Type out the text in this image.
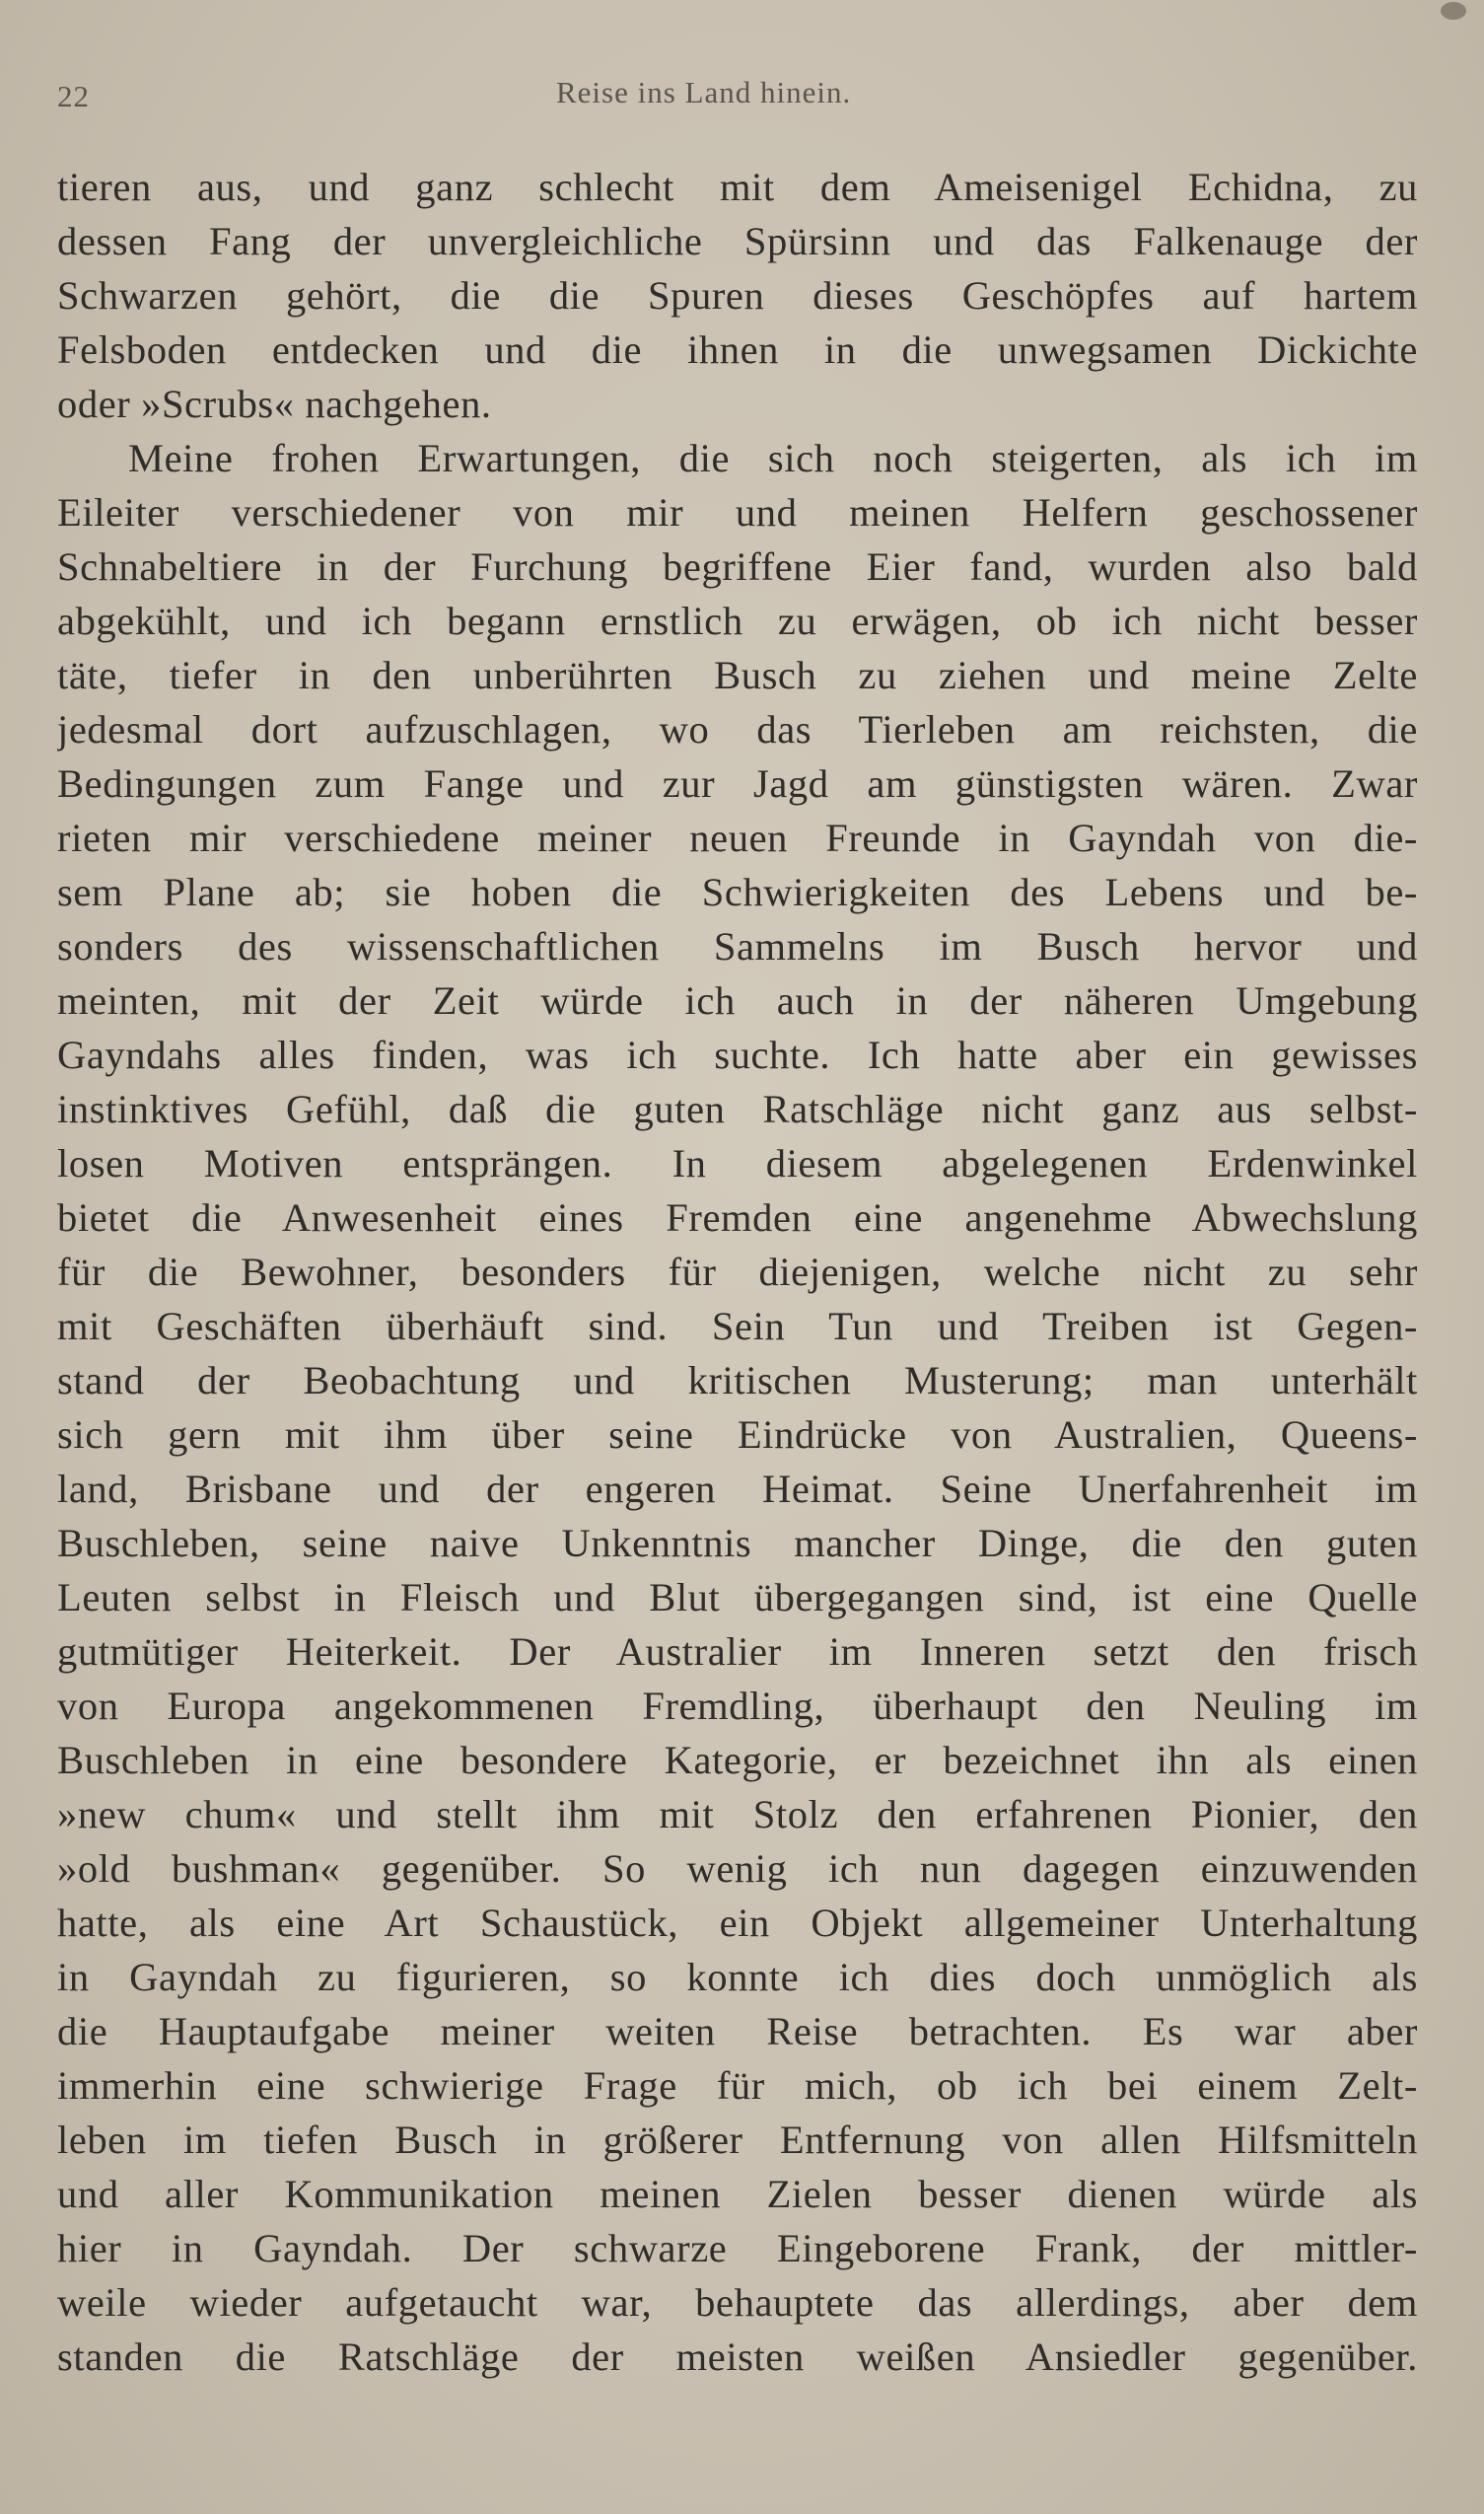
22	Reise ins Land hinein.
tieren aus, und ganz schlecht mit dem Ameisenigel Echidna, zu
dessen Fang der unvergleichliche Spürsinn und das Falkenauge der
Schwarzen gehört, die die Spuren dieses Geschöpfes auf hartem
Felsboden entdecken und die ihnen in die unwegsamen Dickichte
oder »Scrubs« nachgehen.
Meine frohen Erwartungen, die sich noch steigerten, als ich im
Eileiter verschiedener von mir und meinen Helfern geschossener
Schnabeltiere in der Furchung begriffene Eier fand, wurden also bald
abgekühlt, und ich begann ernstlich zu erwägen, ob ich nicht besser
täte, tiefer in den unberührten Busch zu ziehen und meine Zelte
jedesmal dort aufzuschlagen, wo das Tierleben am reichsten, die
Bedingungen zum Fange und zur Jagd am günstigsten wären. Zwar
rieten mir verschiedene meiner neuen Freunde in Gayndah von die-
sem Plane ab; sie hoben die Schwierigkeiten des Lebens und be-
sonders des wissenschaftlichen Sammelns im Busch hervor und
meinten, mit der Zeit würde ich auch in der näheren Umgebung
Gayndahs alles finden, was ich suchte. Ich hatte aber ein gewisses
instinktives Gefühl, daß die guten Ratschläge nicht ganz aus selbst-
losen Motiven entsprängen. In diesem abgelegenen Erdenwinkel
bietet die Anwesenheit eines Fremden eine angenehme Abwechslung
für die Bewohner, besonders für diejenigen, welche nicht zu sehr
mit Geschäften überhäuft sind. Sein Tun und Treiben ist Gegen-
stand der Beobachtung und kritischen Musterung; man unterhält
sich gern mit ihm über seine Eindrücke von Australien, Queens-
land, Brisbane und der engeren Heimat. Seine Unerfahrenheit im
Buschleben, seine naive Unkenntnis mancher Dinge, die den guten
Leuten selbst in Fleisch und Blut übergegangen sind, ist eine Quelle
gutmütiger Heiterkeit. Der Australier im Inneren setzt den frisch
von Europa angekommenen Fremdling, überhaupt den Neuling im
Buschleben in eine besondere Kategorie, er bezeichnet ihn als einen
»new chum« und stellt ihm mit Stolz den erfahrenen Pionier, den
»old bushman« gegenüber. So wenig ich nun dagegen einzuwenden
hatte, als eine Art Schaustück, ein Objekt allgemeiner Unterhaltung
in Gayndah zu figurieren, so konnte ich dies doch unmöglich als
die Hauptaufgabe meiner weiten Reise betrachten. Es war aber
immerhin eine schwierige Frage für mich, ob ich bei einem Zelt-
leben im tiefen Busch in größerer Entfernung von allen Hilfsmitteln
und aller Kommunikation meinen Zielen besser dienen würde als
hier in Gayndah. Der schwarze Eingeborene Frank, der mittler-
weile wieder aufgetaucht war, behauptete das allerdings, aber dem
standen die Ratschläge der meisten weißen Ansiedler gegenüber.
